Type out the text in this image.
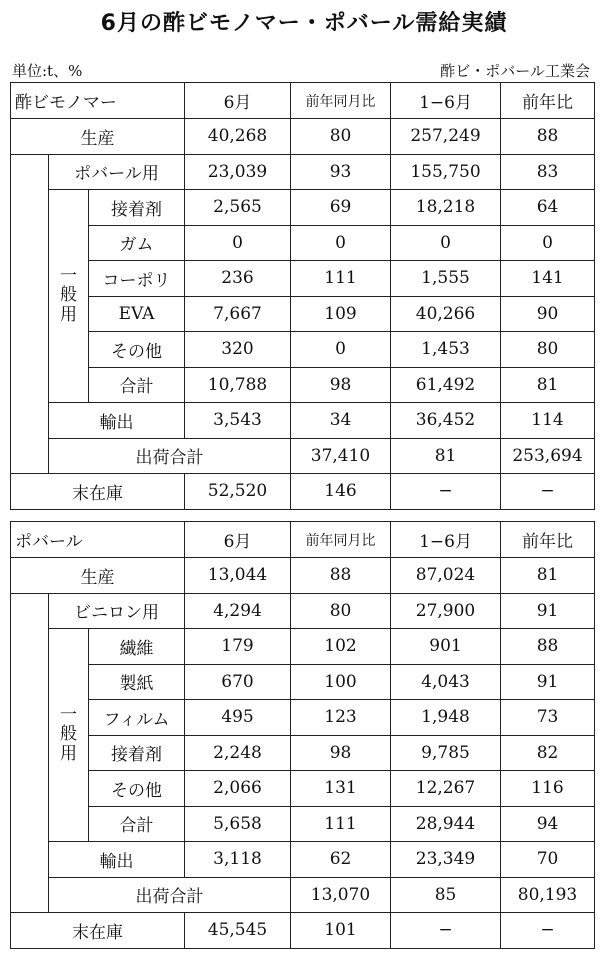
6月の酢ビモノマー・ポバール需給実績
単位:t、%	酢ビ・ポバール工業会
酢ビモノマー			6月	前年同月比	1−6月	前年比	
生産			40,268	80	257,249	88	
	ポバール用		23,039	93	155,750	83	
	一般用	接着剤	2,565	69	18,218	64	
		ガム	0	0	0	0	
		コーポリ	236	111	1,555	141	
		EVA	7,667	109	40,266	90	
		その他	320	0	1,453	80	
		合計	10,788	98	61,492	81	
	輸出		3,543	34	36,452	114	
	出荷合計			37,410	81	253,694	
末在庫			52,520	146	−	−	
ポバール			6月	前年同月比	1−6月	前年比	
生産			13,044	88	87,024	81	
	ビニロン用		4,294	80	27,900	91	
	一般用	繊維	179	102	901	88	
		製紙	670	100	4,043	91	
		フィルム	495	123	1,948	73	
		接着剤	2,248	98	9,785	82	
		その他	2,066	131	12,267	116	
		合計	5,658	111	28,944	94	
	輸出		3,118	62	23,349	70	
	出荷合計			13,070	85	80,193	
末在庫			45,545	101	−	−	
